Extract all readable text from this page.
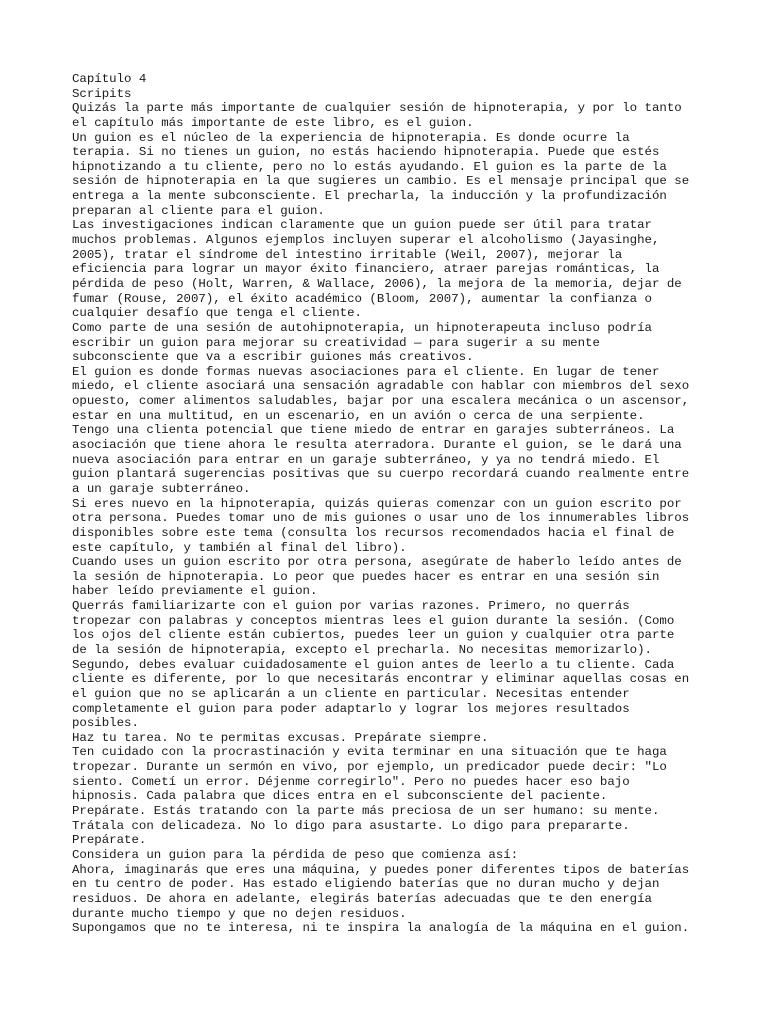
Capítulo 4
Scripits
Quizás la parte más importante de cualquier sesión de hipnoterapia, y por lo tanto
el capítulo más importante de este libro, es el guion.
Un guion es el núcleo de la experiencia de hipnoterapia. Es donde ocurre la
terapia. Si no tienes un guion, no estás haciendo hipnoterapia. Puede que estés
hipnotizando a tu cliente, pero no lo estás ayudando. El guion es la parte de la
sesión de hipnoterapia en la que sugieres un cambio. Es el mensaje principal que se
entrega a la mente subconsciente. El precharla, la inducción y la profundización
preparan al cliente para el guion.
Las investigaciones indican claramente que un guion puede ser útil para tratar
muchos problemas. Algunos ejemplos incluyen superar el alcoholismo (Jayasinghe,
2005), tratar el síndrome del intestino irritable (Weil, 2007), mejorar la
eficiencia para lograr un mayor éxito financiero, atraer parejas románticas, la
pérdida de peso (Holt, Warren, & Wallace, 2006), la mejora de la memoria, dejar de
fumar (Rouse, 2007), el éxito académico (Bloom, 2007), aumentar la confianza o
cualquier desafío que tenga el cliente.
Como parte de una sesión de autohipnoterapia, un hipnoterapeuta incluso podría
escribir un guion para mejorar su creatividad — para sugerir a su mente
subconsciente que va a escribir guiones más creativos.
El guion es donde formas nuevas asociaciones para el cliente. En lugar de tener
miedo, el cliente asociará una sensación agradable con hablar con miembros del sexo
opuesto, comer alimentos saludables, bajar por una escalera mecánica o un ascensor,
estar en una multitud, en un escenario, en un avión o cerca de una serpiente.
Tengo una clienta potencial que tiene miedo de entrar en garajes subterráneos. La
asociación que tiene ahora le resulta aterradora. Durante el guion, se le dará una
nueva asociación para entrar en un garaje subterráneo, y ya no tendrá miedo. El
guion plantará sugerencias positivas que su cuerpo recordará cuando realmente entre
a un garaje subterráneo.
Si eres nuevo en la hipnoterapia, quizás quieras comenzar con un guion escrito por
otra persona. Puedes tomar uno de mis guiones o usar uno de los innumerables libros
disponibles sobre este tema (consulta los recursos recomendados hacia el final de
este capítulo, y también al final del libro).
Cuando uses un guion escrito por otra persona, asegúrate de haberlo leído antes de
la sesión de hipnoterapia. Lo peor que puedes hacer es entrar en una sesión sin
haber leído previamente el guion.
Querrás familiarizarte con el guion por varias razones. Primero, no querrás
tropezar con palabras y conceptos mientras lees el guion durante la sesión. (Como
los ojos del cliente están cubiertos, puedes leer un guion y cualquier otra parte
de la sesión de hipnoterapia, excepto el precharla. No necesitas memorizarlo).
Segundo, debes evaluar cuidadosamente el guion antes de leerlo a tu cliente. Cada
cliente es diferente, por lo que necesitarás encontrar y eliminar aquellas cosas en
el guion que no se aplicarán a un cliente en particular. Necesitas entender
completamente el guion para poder adaptarlo y lograr los mejores resultados
posibles.
Haz tu tarea. No te permitas excusas. Prepárate siempre.
Ten cuidado con la procrastinación y evita terminar en una situación que te haga
tropezar. Durante un sermón en vivo, por ejemplo, un predicador puede decir: "Lo
siento. Cometí un error. Déjenme corregirlo". Pero no puedes hacer eso bajo
hipnosis. Cada palabra que dices entra en el subconsciente del paciente.
Prepárate. Estás tratando con la parte más preciosa de un ser humano: su mente.
Trátala con delicadeza. No lo digo para asustarte. Lo digo para prepararte.
Prepárate.
Considera un guion para la pérdida de peso que comienza así:
Ahora, imaginarás que eres una máquina, y puedes poner diferentes tipos de baterías
en tu centro de poder. Has estado eligiendo baterías que no duran mucho y dejan
residuos. De ahora en adelante, elegirás baterías adecuadas que te den energía
durante mucho tiempo y que no dejen residuos.
Supongamos que no te interesa, ni te inspira la analogía de la máquina en el guion.
